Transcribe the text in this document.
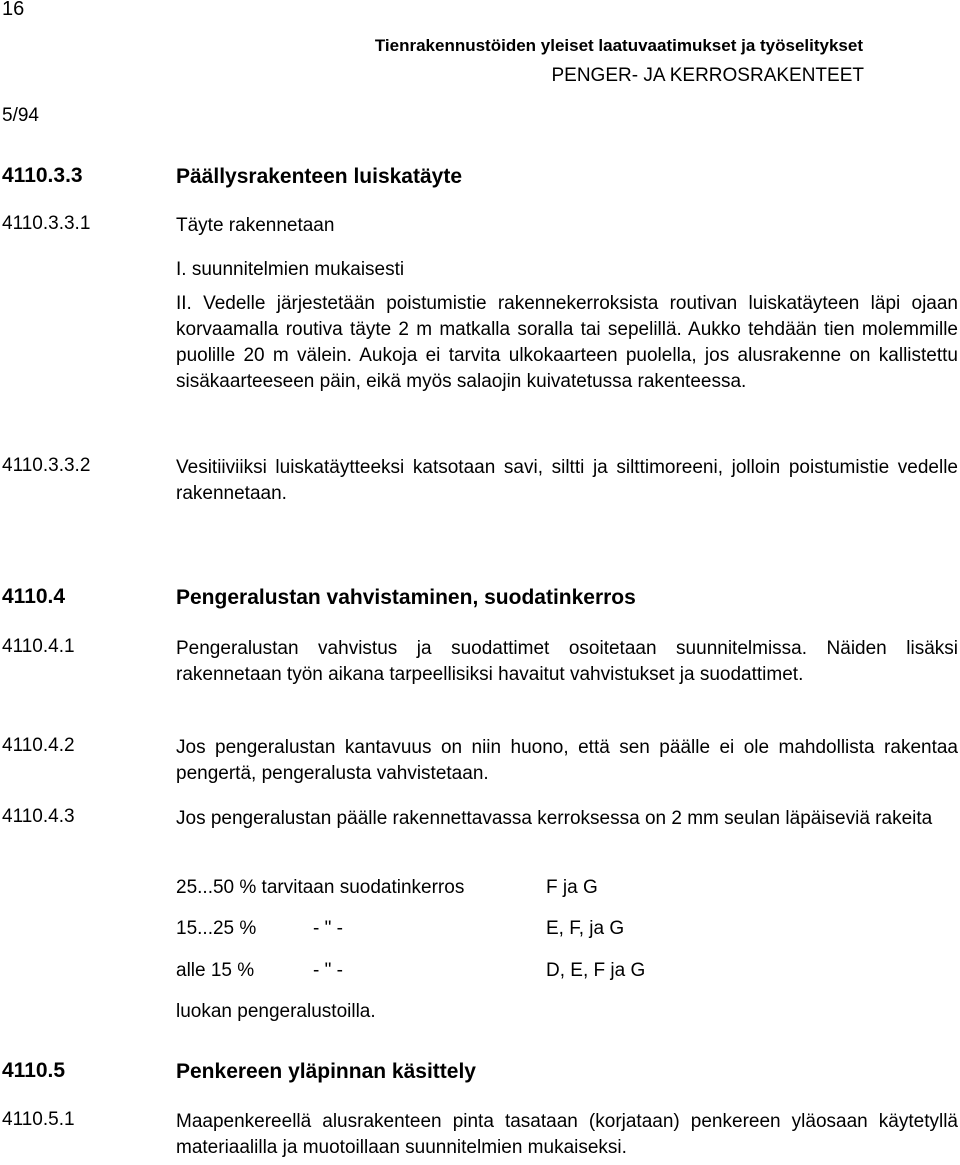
16
Tienrakennustöiden yleiset laatuvaatimukset ja työselitykset
PENGER- JA KERROSRAKENTEET
5/94
4110.3.3	Päällysrakenteen luiskatäyte
4110.3.3.1	Täyte rakennetaan
I. suunnitelmien mukaisesti
II. Vedelle järjestetään poistumistie rakennekerroksista routivan luiskatäyteen läpi ojaan korvaamalla routiva täyte 2 m matkalla soralla tai sepelillä. Aukko tehdään tien molemmille puolille 20 m välein. Aukoja ei tarvita ulkokaarteen puolella, jos alusrakenne on kallistettu sisäkaarteeseen päin, eikä myös salaojin kuivatetussa rakenteessa.
4110.3.3.2	Vesitiiviiksi luiskatäytteeksi katsotaan savi, siltti ja silttimoreeni, jolloin poistumistie vedelle rakennetaan.
4110.4	Pengeralustan vahvistaminen, suodatinkerros
4110.4.1	Pengeralustan vahvistus ja suodattimet osoitetaan suunnitelmissa. Näiden lisäksi rakennetaan työn aikana tarpeellisiksi havaitut vahvistukset ja suodattimet.
4110.4.2	Jos pengeralustan kantavuus on niin huono, että sen päälle ei ole mahdollista rakentaa pengertä, pengeralusta vahvistetaan.
4110.4.3	Jos pengeralustan päälle rakennettavassa kerroksessa on 2 mm seulan läpäiseviä rakeita
25...50 % tarvitaan suodatinkerros	F ja G
15...25 %	- " -	E, F, ja G
alle 15 %	- " -	D, E, F ja G
luokan pengeralustoilla.
4110.5	Penkereen yläpinnan käsittely
4110.5.1	Maapenkereellä alusrakenteen pinta tasataan (korjataan) penkereen yläosaan käytetyllä materiaalilla ja muotoillaan suunnitelmien mukaiseksi.
